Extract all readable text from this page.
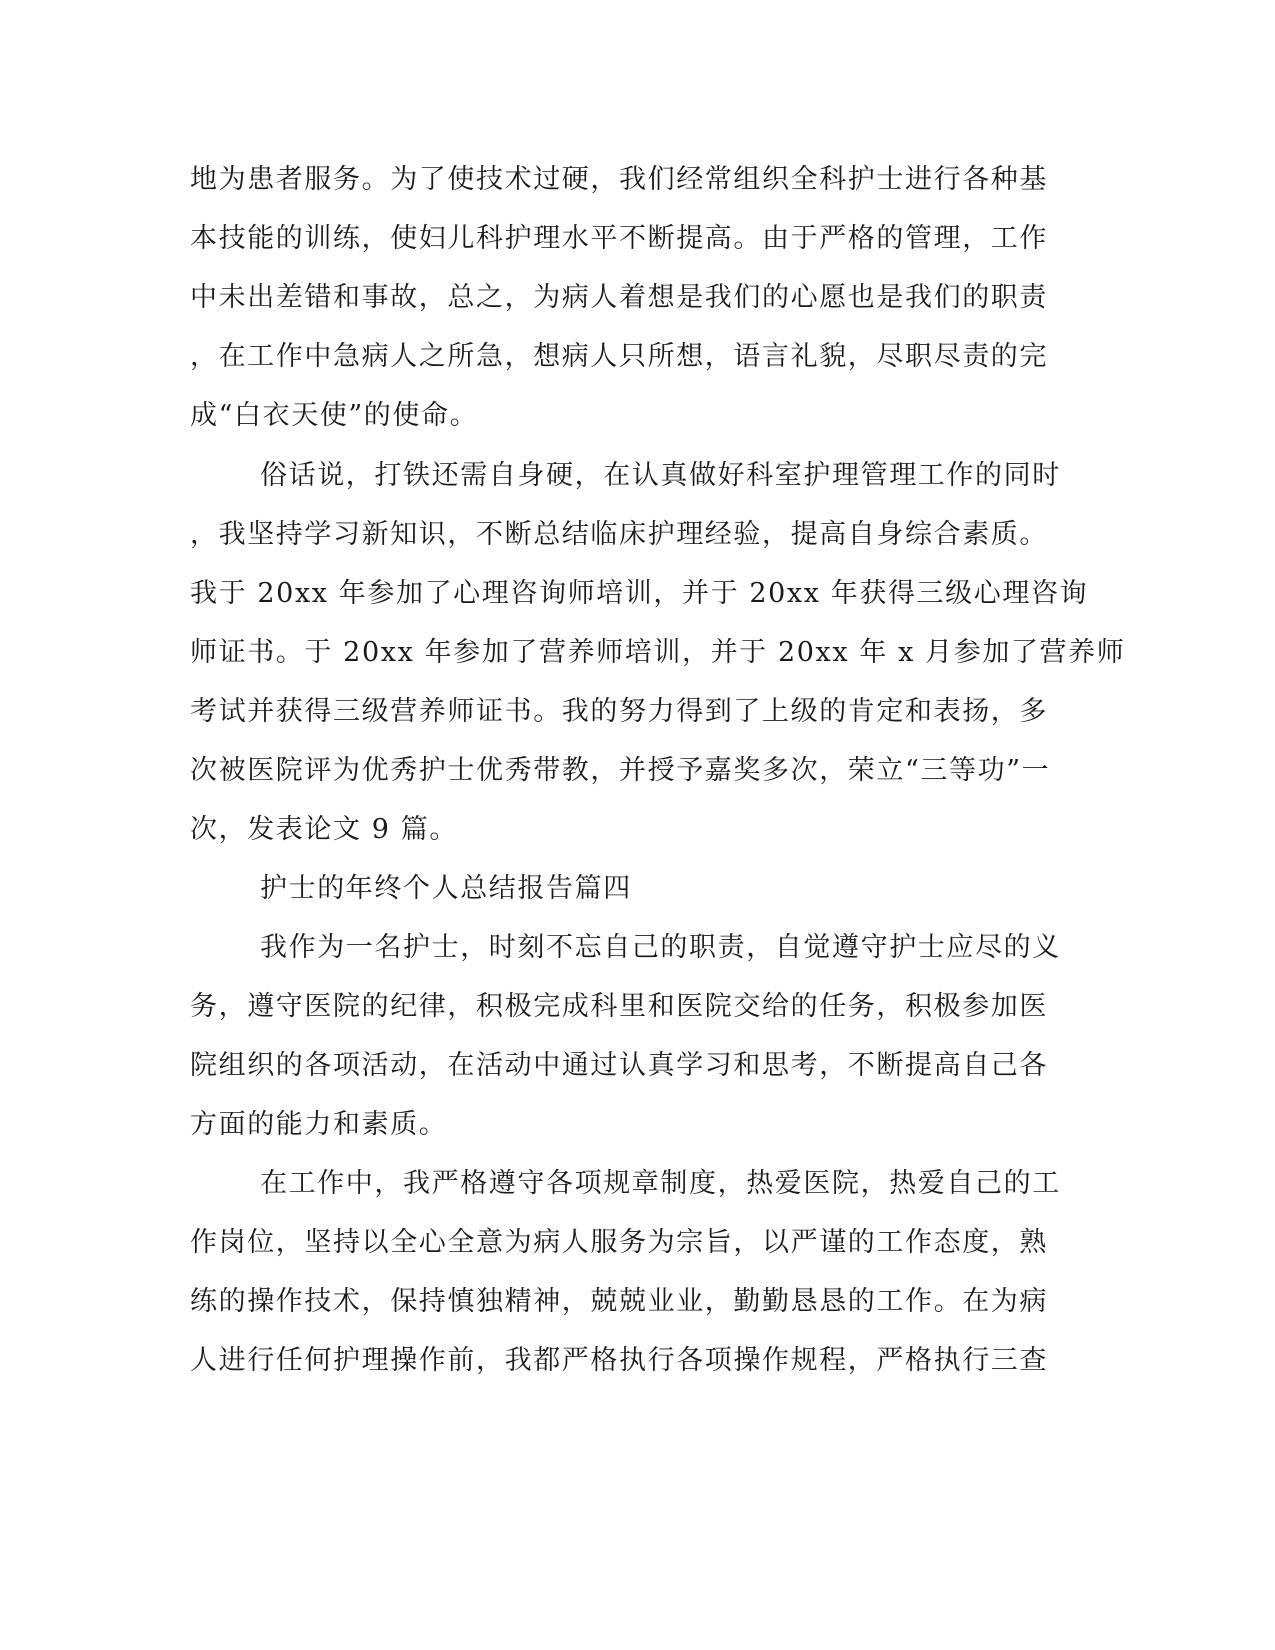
地为患者服务。为了使技术过硬，我们经常组织全科护士进行各种基
本技能的训练，使妇儿科护理水平不断提高。由于严格的管理，工作
中未出差错和事故，总之，为病人着想是我们的心愿也是我们的职责
，在工作中急病人之所急，想病人只所想，语言礼貌，尽职尽责的完
成“白衣天使”的使命。
俗话说，打铁还需自身硬，在认真做好科室护理管理工作的同时
，我坚持学习新知识，不断总结临床护理经验，提高自身综合素质。
我于 20xx 年参加了心理咨询师培训，并于 20xx 年获得三级心理咨询
师证书。于 20xx 年参加了营养师培训，并于 20xx 年 x 月参加了营养师
考试并获得三级营养师证书。我的努力得到了上级的肯定和表扬，多
次被医院评为优秀护士优秀带教，并授予嘉奖多次，荣立“三等功”一
次，发表论文 9 篇。
护士的年终个人总结报告篇四
我作为一名护士，时刻不忘自己的职责，自觉遵守护士应尽的义
务，遵守医院的纪律，积极完成科里和医院交给的任务，积极参加医
院组织的各项活动，在活动中通过认真学习和思考，不断提高自己各
方面的能力和素质。
在工作中，我严格遵守各项规章制度，热爱医院，热爱自己的工
作岗位，坚持以全心全意为病人服务为宗旨，以严谨的工作态度，熟
练的操作技术，保持慎独精神，兢兢业业，勤勤恳恳的工作。在为病
人进行任何护理操作前，我都严格执行各项操作规程，严格执行三查
